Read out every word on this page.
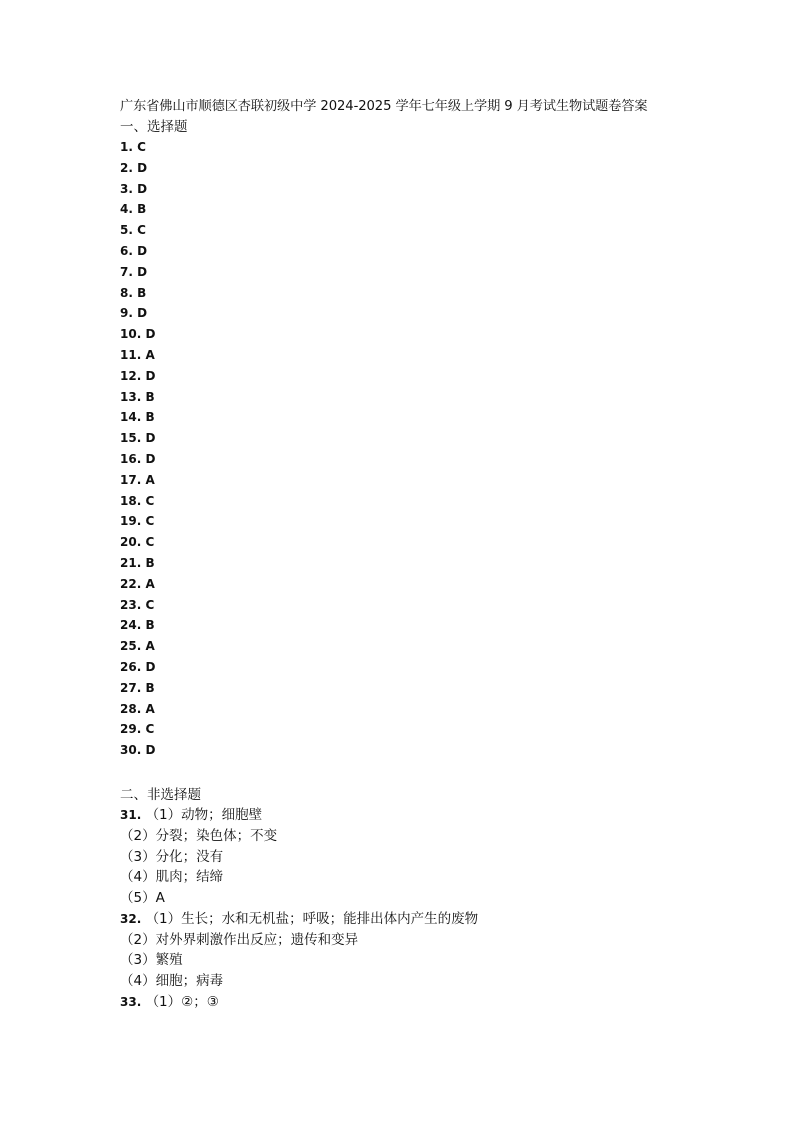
广东省佛山市顺德区杏联初级中学 2024-2025 学年七年级上学期 9 月考试生物试题卷答案
一、选择题
1. C
2. D
3. D
4. B
5. C
6. D
7. D
8. B
9. D
10. D
11. A
12. D
13. B
14. B
15. D
16. D
17. A
18. C
19. C
20. C
21. B
22. A
23. C
24. B
25. A
26. D
27. B
28. A
29. C
30. D
二、非选择题
31. （1）动物；细胞壁
（2）分裂；染色体；不变
（3）分化；没有
（4）肌肉；结缔
（5）A
32. （1）生长；水和无机盐；呼吸；能排出体内产生的废物
（2）对外界刺激作出反应；遗传和变异
（3）繁殖
（4）细胞；病毒
33. （1）②；③
